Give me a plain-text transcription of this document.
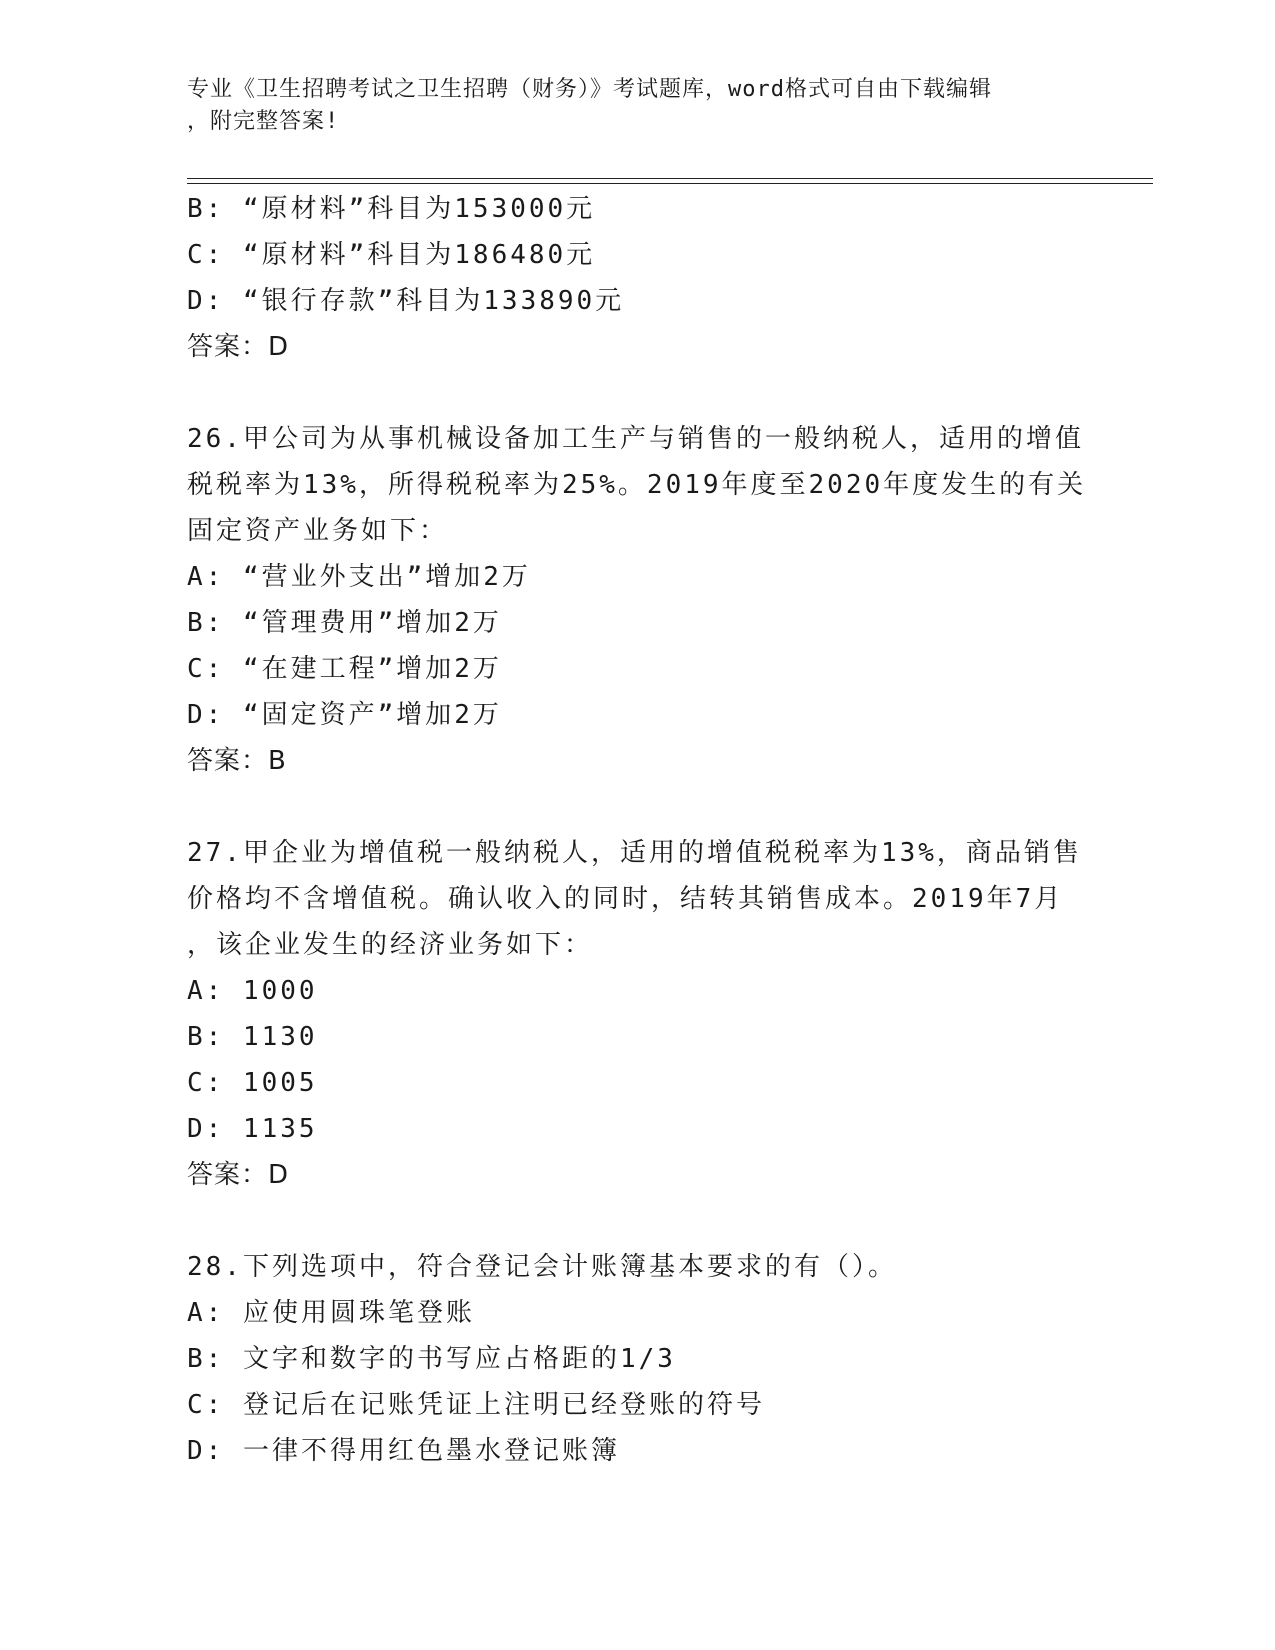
专业《卫生招聘考试之卫生招聘（财务）》考试题库，word格式可自由下载编辑
，附完整答案!
B: “原材料”科目为153000元
C: “原材料”科目为186480元
D: “银行存款”科目为133890元
答案：D
26.甲公司为从事机械设备加工生产与销售的一般纳税人，适用的增值
税税率为13%，所得税税率为25%。2019年度至2020年度发生的有关
固定资产业务如下：
A: “营业外支出”增加2万
B: “管理费用”增加2万
C: “在建工程”增加2万
D: “固定资产”增加2万
答案：B
27.甲企业为增值税一般纳税人，适用的增值税税率为13%，商品销售
价格均不含增值税。确认收入的同时，结转其销售成本。2019年7月
，该企业发生的经济业务如下：
A: 1000
B: 1130
C: 1005
D: 1135
答案：D
28.下列选项中，符合登记会计账簿基本要求的有（）。
A: 应使用圆珠笔登账
B: 文字和数字的书写应占格距的1/3
C: 登记后在记账凭证上注明已经登账的符号
D: 一律不得用红色墨水登记账簿
